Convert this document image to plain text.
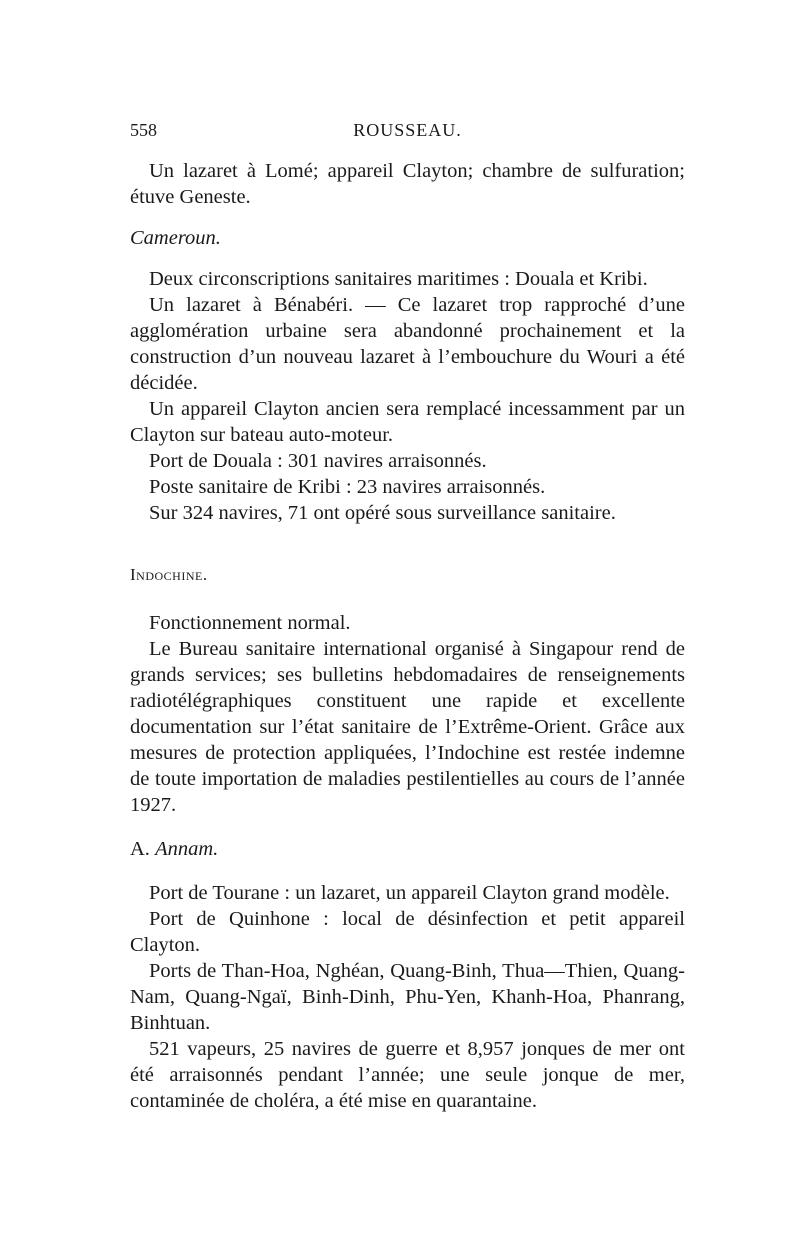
558	ROUSSEAU.

Un lazaret à Lomé; appareil Clayton; chambre de sulfuration; étuve Geneste.

Cameroun.

Deux circonscriptions sanitaires maritimes : Douala et Kribi.

Un lazaret à Bénabéri. — Ce lazaret trop rapproché d’une agglomération urbaine sera abandonné prochainement et la construction d’un nouveau lazaret à l’embouchure du Wouri a été décidée.

Un appareil Clayton ancien sera remplacé incessamment par un Clayton sur bateau auto-moteur.

Port de Douala : 301 navires arraisonnés.

Poste sanitaire de Kribi : 23 navires arraisonnés.

Sur 324 navires, 71 ont opéré sous surveillance sanitaire.

Indochine.

Fonctionnement normal.

Le Bureau sanitaire international organisé à Singapour rend de grands services; ses bulletins hebdomadaires de renseignements radiotélégraphiques constituent une rapide et excellente documentation sur l’état sanitaire de l’Extrême-Orient. Grâce aux mesures de protection appliquées, l’Indochine est restée indemne de toute importation de maladies pestilentielles au cours de l’année 1927.

A. Annam.

Port de Tourane : un lazaret, un appareil Clayton grand modèle.

Port de Quinhone : local de désinfection et petit appareil Clayton.

Ports de Than-Hoa, Nghéan, Quang-Binh, Thua—Thien, Quang-Nam, Quang-Ngaï, Binh-Dinh, Phu-Yen, Khanh-Hoa, Phanrang, Binhtuan.

521 vapeurs, 25 navires de guerre et 8,957 jonques de mer ont été arraisonnés pendant l’année; une seule jonque de mer, contaminée de choléra, a été mise en quarantaine.
